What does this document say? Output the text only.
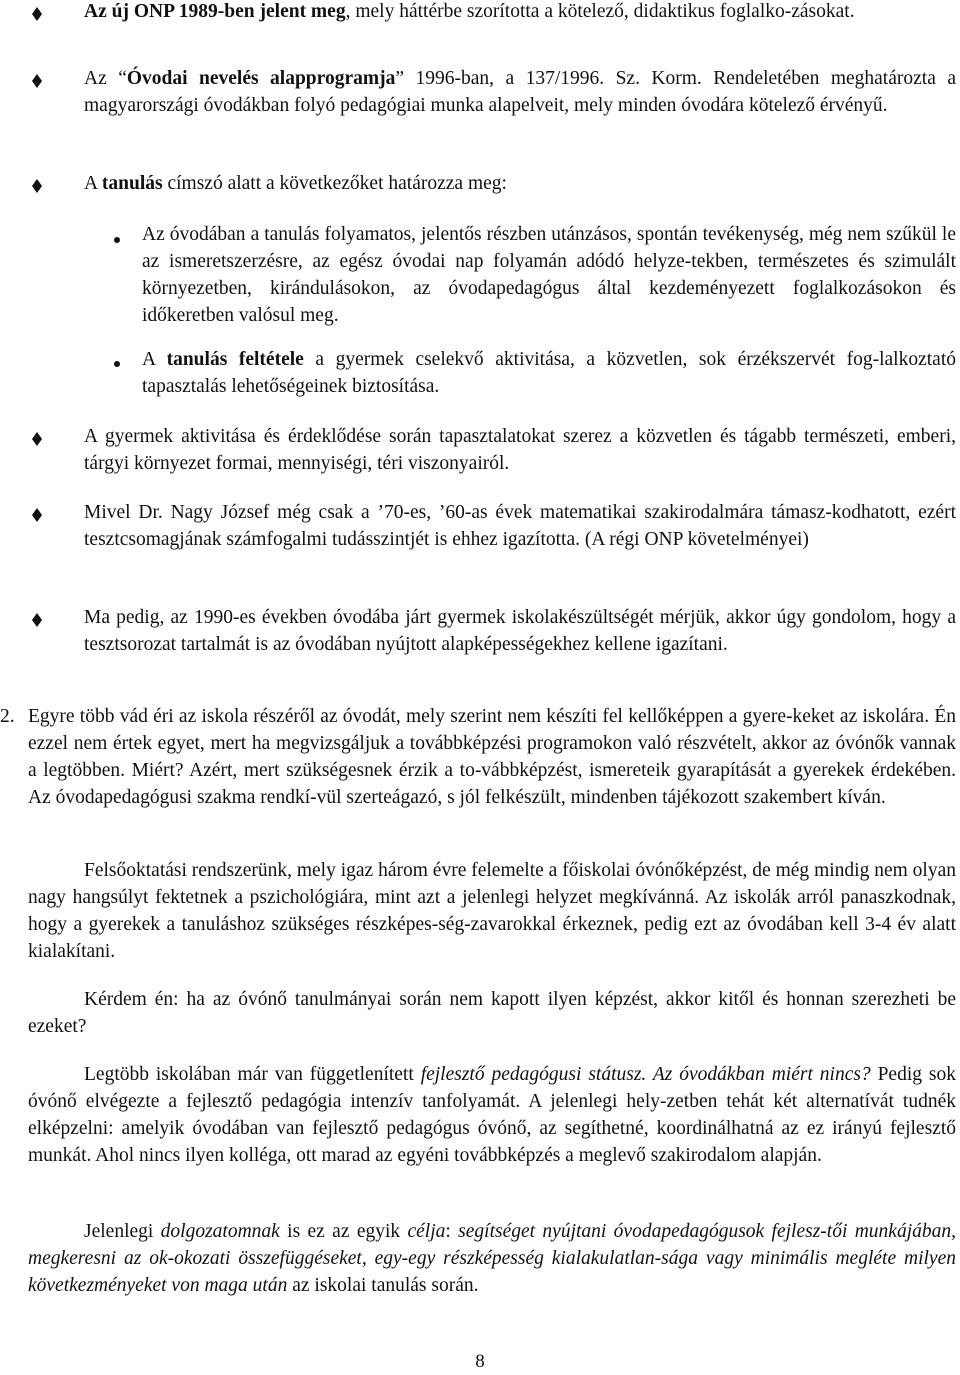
Az új ONP 1989-ben jelent meg, mely háttérbe szorította a kötelező, didaktikus foglalko-zásokat.
Az “Óvodai nevelés alapprogramja” 1996-ban, a 137/1996. Sz. Korm. Rendeletében meghatározta a magyarországi óvodákban folyó pedagógiai munka alapelveit, mely minden óvodára kötelező érvényű.
A tanulás címszó alatt a következőket határozza meg:
Az óvodában a tanulás folyamatos, jelentős részben utánzásos, spontán tevékenység, még nem szűkül le az ismeretszerzésre, az egész óvodai nap folyamán adódó helyze-tekben, természetes és szimulált környezetben, kirándulásokon, az óvodapedagógus által kezdeményezett foglalkozásokon és időkeretben valósul meg.
A tanulás feltétele a gyermek cselekvő aktivitása, a közvetlen, sok érzékszervét fog-lalkoztató tapasztalás lehetőségeinek biztosítása.
A gyermek aktivitása és érdeklődése során tapasztalatokat szerez a közvetlen és tágabb természeti, emberi, tárgyi környezet formai, mennyiségi, téri viszonyairól.
Mivel Dr. Nagy József még csak a ’70-es, ’60-as évek matematikai szakirodalmára támasz-kodhatott, ezért tesztcsomagjának számfogalmi tudásszintjét is ehhez igazította. (A régi ONP követelményei)
Ma pedig, az 1990-es években óvodába járt gyermek iskolakészültségét mérjük, akkor úgy gondolom, hogy a tesztsorozat tartalmát is az óvodában nyújtott alapképességekhez kellene igazítani.
2. Egyre több vád éri az iskola részéről az óvodát, mely szerint nem készíti fel kellőképpen a gyere-keket az iskolára. Én ezzel nem értek egyet, mert ha megvizsgáljuk a továbbképzési programokon való részvételt, akkor az óvónők vannak a legtöbben. Miért? Azért, mert szükségesnek érzik a to-vábbképzést, ismereteik gyarapítását a gyerekek érdekében. Az óvodapedagógusi szakma rendkí-vül szerteágazó, s jól felkészült, mindenben tájékozott szakembert kíván.
Felsőoktatási rendszerünk, mely igaz három évre felemelte a főiskolai óvónőképzést, de még mindig nem olyan nagy hangsúlyt fektetnek a pszichológiára, mint azt a jelenlegi helyzet megkívánná. Az iskolák arról panaszkodnak, hogy a gyerekek a tanuláshoz szükséges részképes-ség-zavarokkal érkeznek, pedig ezt az óvodában kell 3-4 év alatt kialakítani.
Kérdem én: ha az óvónő tanulmányai során nem kapott ilyen képzést, akkor kitől és honnan szerezheti be ezeket?
Legtöbb iskolában már van függetlenített fejlesztő pedagógusi státusz. Az óvodákban miért nincs? Pedig sok óvónő elvégezte a fejlesztő pedagógia intenzív tanfolyamát. A jelenlegi hely-zetben tehát két alternatívát tudnék elképzelni: amelyik óvodában van fejlesztő pedagógus óvónő, az segíthetné, koordinálhatná az ez irányú fejlesztő munkát. Ahol nincs ilyen kolléga, ott marad az egyéni továbbképzés a meglevő szakirodalom alapján.
Jelenlegi dolgozatomnak is ez az egyik célja: segítséget nyújtani óvodapedagógusok fejlesz-tői munkájában, megkeresni az ok-okozati összefüggéseket, egy-egy részképesség kialakulatlan-sága vagy minimális megléte milyen következményeket von maga után az iskolai tanulás során.
8
